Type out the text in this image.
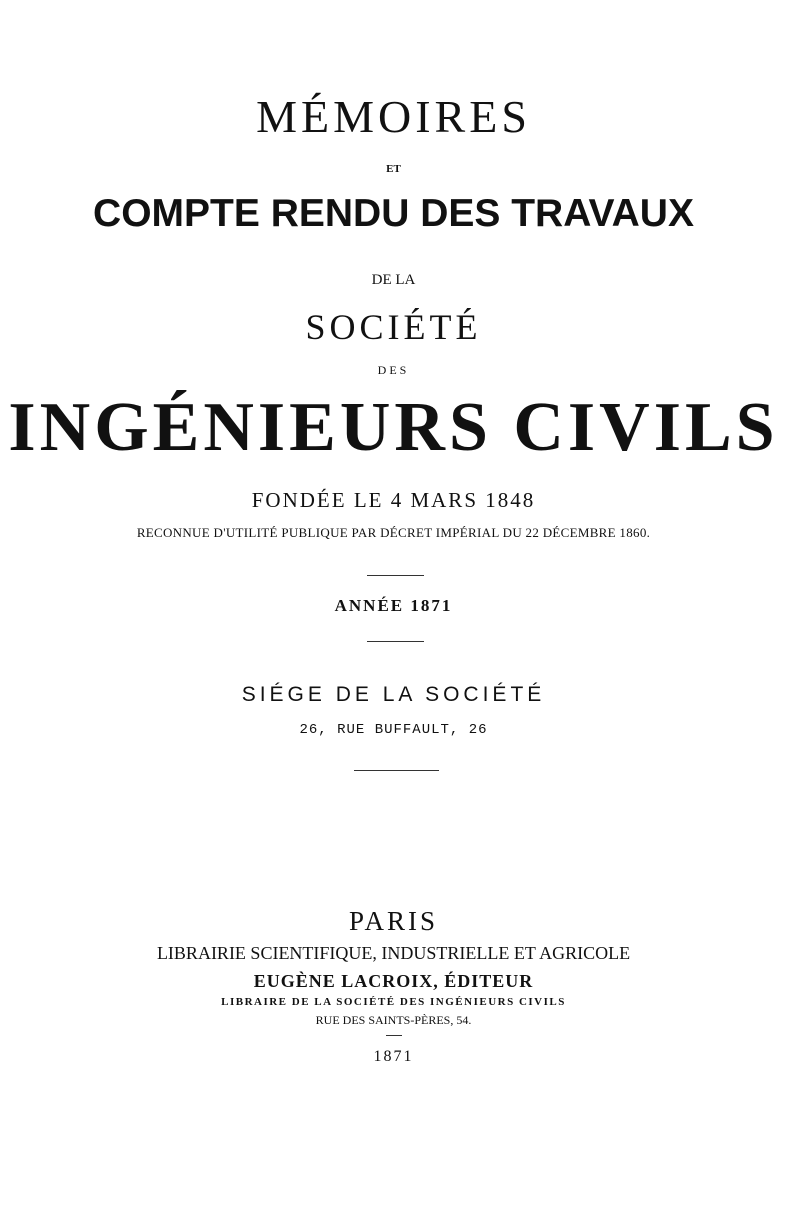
MÉMOIRES
ET
COMPTE RENDU DES TRAVAUX
DE LA
SOCIÉTÉ
DES
INGÉNIEURS CIVILS
FONDÉE LE 4 MARS 1848
RECONNUE D'UTILITÉ PUBLIQUE PAR DÉCRET IMPÉRIAL DU 22 DÉCEMBRE 1860.
ANNÉE 1871
SIÉGE DE LA SOCIÉTÉ
26, RUE BUFFAULT, 26
PARIS
LIBRAIRIE SCIENTIFIQUE, INDUSTRIELLE ET AGRICOLE
EUGÈNE LACROIX, ÉDITEUR
LIBRAIRE DE LA SOCIÉTÉ DES INGÉNIEURS CIVILS
RUE DES SAINTS-PÈRES, 54.
1871
